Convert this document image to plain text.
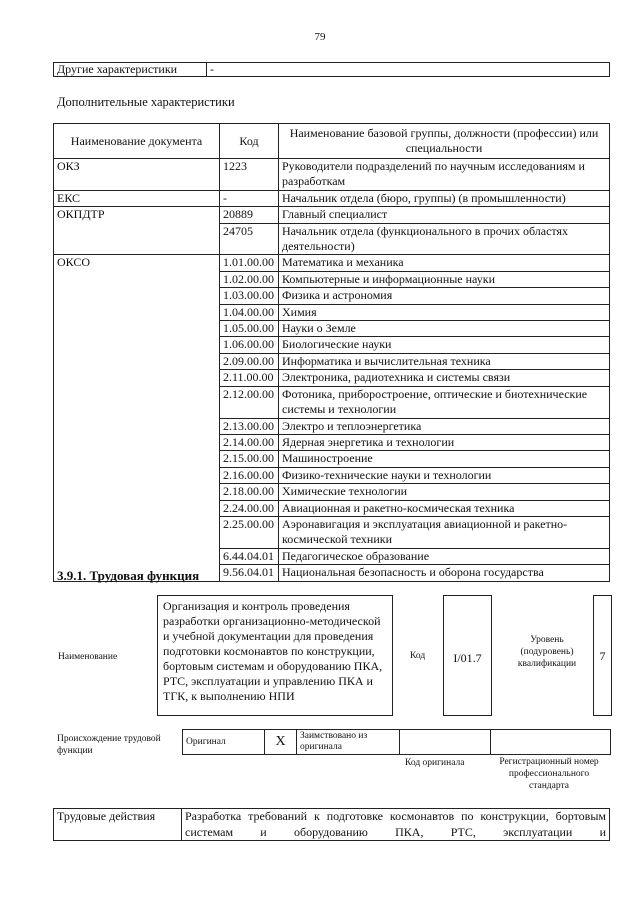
79
Другие характеристики	-
Дополнительные характеристики
Наименование документа	Код	Наименование базовой группы, должности (профессии) или специальности
ОКЗ	1223	Руководители подразделений по научным исследованиям и разработкам
ЕКС	-	Начальник отдела (бюро, группы) (в промышленности)
ОКПДТР	20889	Главный специалист
	24705	Начальник отдела (функционального в прочих областях деятельности)
ОКСО	1.01.00.00	Математика и механика
	1.02.00.00	Компьютерные и информационные науки
	1.03.00.00	Физика и астрономия
	1.04.00.00	Химия
	1.05.00.00	Науки о Земле
	1.06.00.00	Биологические науки
	2.09.00.00	Информатика и вычислительная техника
	2.11.00.00	Электроника, радиотехника и системы связи
	2.12.00.00	Фотоника, приборостроение, оптические и биотехнические системы и технологии
	2.13.00.00	Электро и теплоэнергетика
	2.14.00.00	Ядерная энергетика и технологии
	2.15.00.00	Машиностроение
	2.16.00.00	Физико-технические науки и технологии
	2.18.00.00	Химические технологии
	2.24.00.00	Авиационная и ракетно-космическая техника
	2.25.00.00	Аэронавигация и эксплуатация авиационной и ракетно-космической техники
	6.44.04.01	Педагогическое образование
	9.56.04.01	Национальная безопасность и оборона государства
3.9.1. Трудовая функция
Наименование
Организация и контроль проведения разработки организационно-методической и учебной документации для проведения подготовки космонавтов по конструкции, бортовым системам и оборудованию ПКА, РТС, эксплуатации и управлению ПКА и ТГК, к выполнению НПИ
Код	I/01.7
Уровень (подуровень) квалификации
7
Происхождение трудовой функции
Оригинал	X	Заимствовано из оригинала		
Код оригинала	Регистрационный номер профессионального стандарта
Трудовые действия	Разработка требований к подготовке космонавтов по конструкции, бортовым системам и оборудованию ПКА, РТС, эксплуатации и
